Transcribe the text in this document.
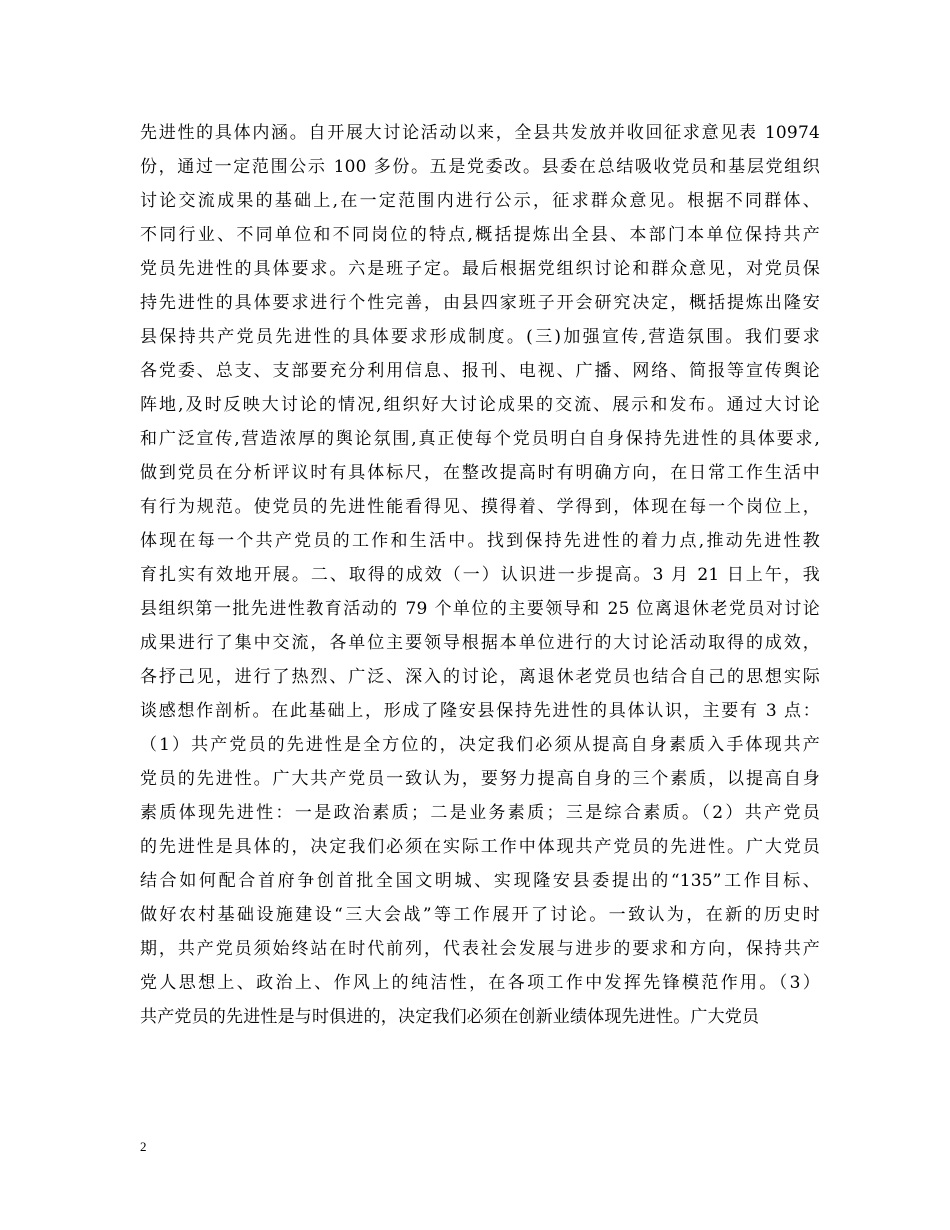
先进性的具体内涵。自开展大讨论活动以来，全县共发放并收回征求意见表 10974
份，通过一定范围公示 100 多份。五是党委改。县委在总结吸收党员和基层党组织
讨论交流成果的基础上,在一定范围内进行公示，征求群众意见。根据不同群体、
不同行业、不同单位和不同岗位的特点,概括提炼出全县、本部门本单位保持共产
党员先进性的具体要求。六是班子定。最后根据党组织讨论和群众意见，对党员保
持先进性的具体要求进行个性完善，由县四家班子开会研究决定，概括提炼出隆安
县保持共产党员先进性的具体要求形成制度。(三)加强宣传,营造氛围。我们要求
各党委、总支、支部要充分利用信息、报刊、电视、广播、网络、简报等宣传舆论
阵地,及时反映大讨论的情况,组织好大讨论成果的交流、展示和发布。通过大讨论
和广泛宣传,营造浓厚的舆论氛围,真正使每个党员明白自身保持先进性的具体要求,
做到党员在分析评议时有具体标尺，在整改提高时有明确方向，在日常工作生活中
有行为规范。使党员的先进性能看得见、摸得着、学得到，体现在每一个岗位上，
体现在每一个共产党员的工作和生活中。找到保持先进性的着力点,推动先进性教
育扎实有效地开展。二、取得的成效（一）认识进一步提高。3 月 21 日上午，我
县组织第一批先进性教育活动的 79 个单位的主要领导和 25 位离退休老党员对讨论
成果进行了集中交流，各单位主要领导根据本单位进行的大讨论活动取得的成效，
各抒己见，进行了热烈、广泛、深入的讨论，离退休老党员也结合自己的思想实际
谈感想作剖析。在此基础上，形成了隆安县保持先进性的具体认识，主要有 3 点：
（1）共产党员的先进性是全方位的，决定我们必须从提高自身素质入手体现共产
党员的先进性。广大共产党员一致认为，要努力提高自身的三个素质，以提高自身
素质体现先进性：一是政治素质；二是业务素质；三是综合素质。（2）共产党员
的先进性是具体的，决定我们必须在实际工作中体现共产党员的先进性。广大党员
结合如何配合首府争创首批全国文明城、实现隆安县委提出的“135”工作目标、
做好农村基础设施建设“三大会战”等工作展开了讨论。一致认为，在新的历史时
期，共产党员须始终站在时代前列，代表社会发展与进步的要求和方向，保持共产
党人思想上、政治上、作风上的纯洁性，在各项工作中发挥先锋模范作用。（3）
共产党员的先进性是与时俱进的，决定我们必须在创新业绩体现先进性。广大党员
2
